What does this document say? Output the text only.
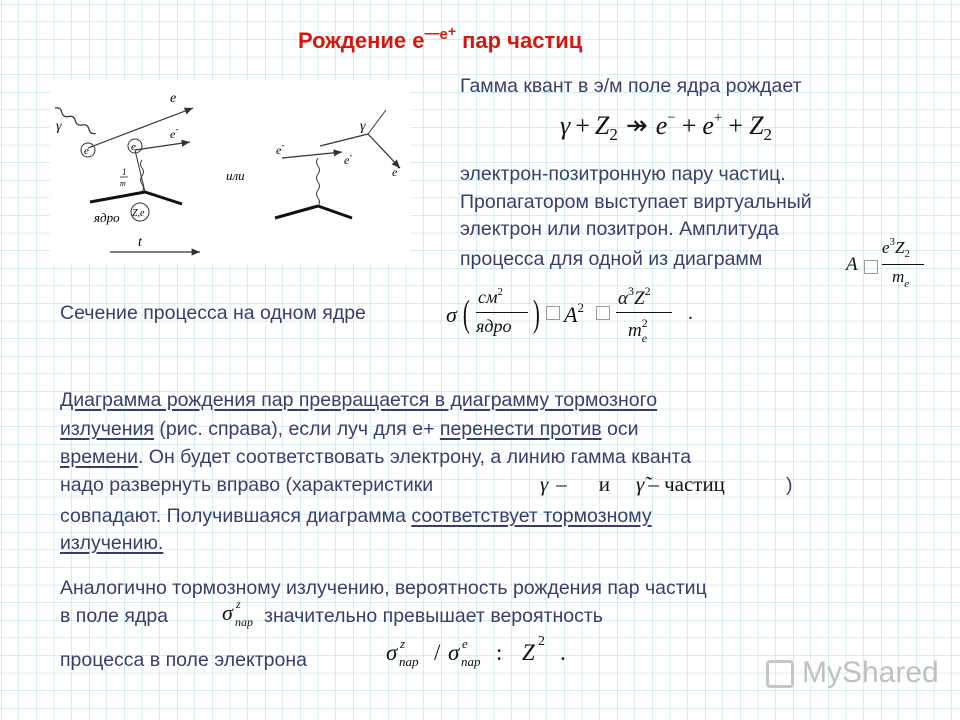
Рождение $e^{—e+}$ пар частиц
γ
e
e-
e	e
1
m
Z,e
ядро
t
или
e-
e-
γ
e-
Гамма квант в э/м поле ядра рождает
$\gamma + Z_2$ ↠ $e^- + e^+ + Z_2$
электрон-позитронную пару частиц.
Пропагатором выступает виртуальный
электрон или позитрон. Амплитуда
процесса для одной из диаграмм	A
$e^3Z_2$
$m_e$
Сечение процесса на одном ядре	σ ( $см^2$
ядро ) $A^2$ $\alpha^3Z^2$
$m^2_e$
.
Диаграмма рождения пар превращается в диаграмму тормозного
излучения (рис. справа), если луч для e+ перенести против оси
времени. Он будет соответствовать электрону, а линию гамма кванта
надо развернуть вправо (характеристики	γ – и γ̃ – частиц	)
совпадают. Получившаяся диаграмма соответствует тормозному
излучению.
Аналогично тормозному излучению, вероятность рождения пар частиц
в поле ядра σ z
пар значительно превышает вероятность
процесса в поле электрона	σ z
пар / σ e
пар : Z 2 .
MyShared
